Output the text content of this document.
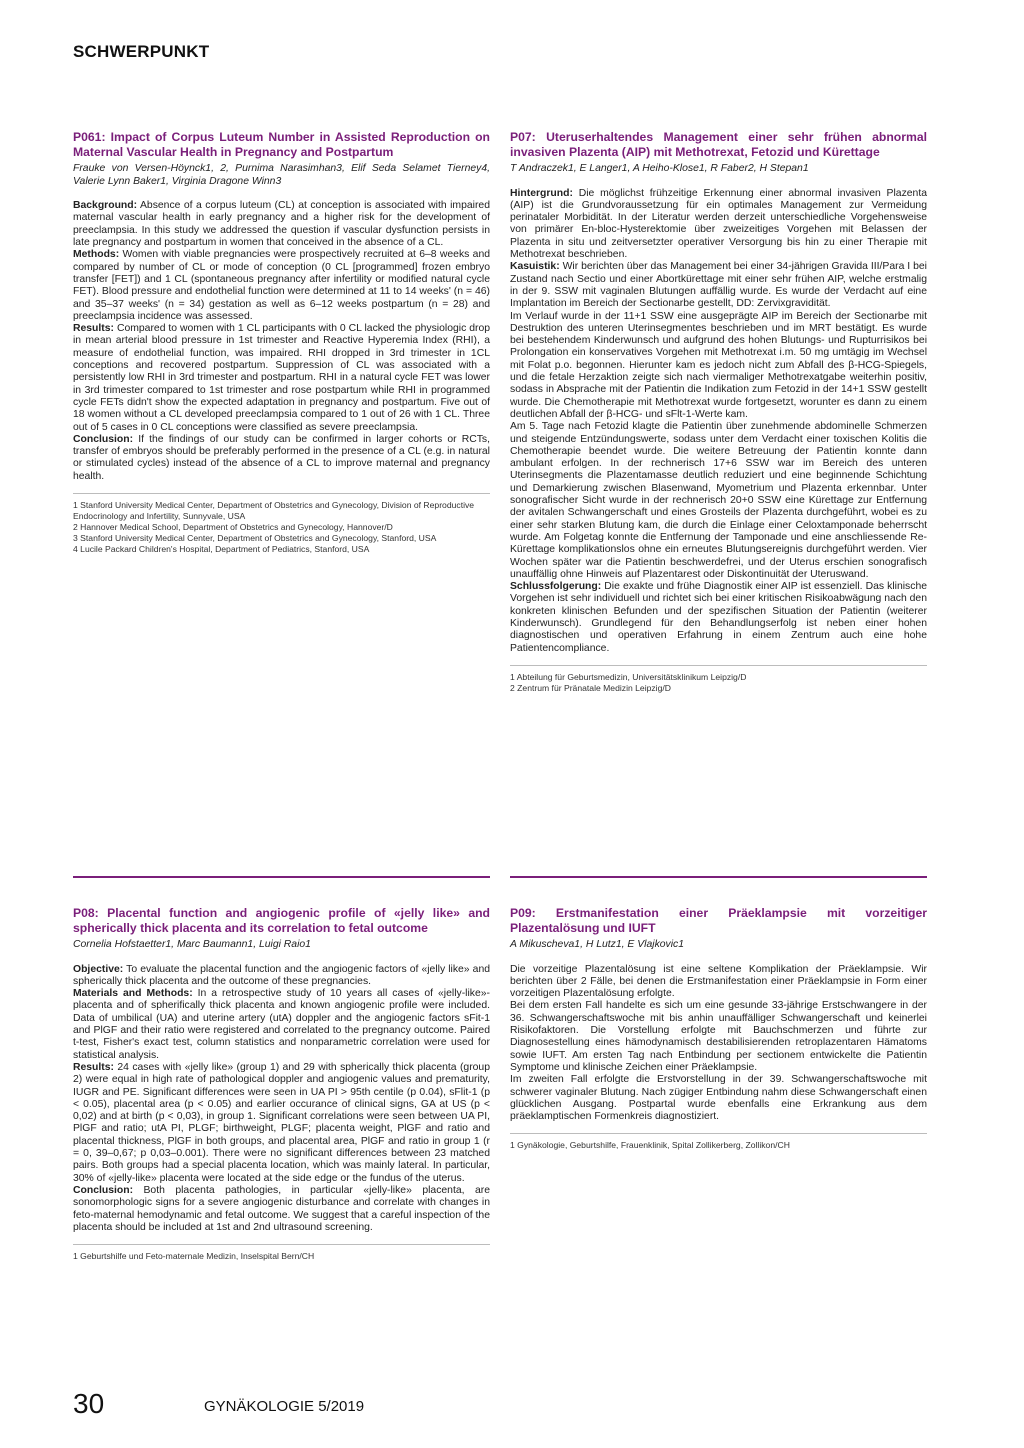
SCHWERPUNKT
P061: Impact of Corpus Luteum Number in Assisted Reproduction on Maternal Vascular Health in Pregnancy and Postpartum
Frauke von Versen-Höynck1, 2, Purnima Narasimhan3, Elif Seda Selamet Tierney4, Valerie Lynn Baker1, Virginia Dragone Winn3

Background: Absence of a corpus luteum (CL) at conception is associated with impaired maternal vascular health in early pregnancy and a higher risk for the development of preeclampsia. In this study we addressed the question if vascular dysfunction persists in late pregnancy and postpartum in women that conceived in the absence of a CL.

Methods: Women with viable pregnancies were prospectively recruited at 6–8 weeks and compared by number of CL or mode of conception (0 CL [programmed] frozen embryo transfer [FET]) and 1 CL (spontaneous pregnancy after infertility or modified natural cycle FET). Blood pressure and endothelial function were determined at 11 to 14 weeks' (n = 46) and 35–37 weeks' (n = 34) gestation as well as 6–12 weeks postpartum (n = 28) and preeclampsia incidence was assessed.

Results: Compared to women with 1 CL participants with 0 CL lacked the physiologic drop in mean arterial blood pressure in 1st trimester and Reactive Hyperemia Index (RHI), a measure of endothelial function, was impaired. RHI dropped in 3rd trimester in 1CL conceptions and recovered postpartum. Suppression of CL was associated with a persistently low RHI in 3rd trimester and postpartum. RHI in a natural cycle FET was lower in 3rd trimester compared to 1st trimester and rose postpartum while RHI in programmed cycle FETs didn't show the expected adaptation in pregnancy and postpartum. Five out of 18 women without a CL developed preeclampsia compared to 1 out of 26 with 1 CL. Three out of 5 cases in 0 CL conceptions were classified as severe preeclampsia.

Conclusion: If the findings of our study can be confirmed in larger cohorts or RCTs, transfer of embryos should be preferably performed in the presence of a CL (e.g. in natural or stimulated cycles) instead of the absence of a CL to improve maternal and pregnancy health.

1 Stanford University Medical Center, Department of Obstetrics and Gynecology, Division of Reproductive Endocrinology and Infertility, Sunnyvale, USA

2 Hannover Medical School, Department of Obstetrics and Gynecology, Hannover/D

3 Stanford University Medical Center, Department of Obstetrics and Gynecology, Stanford, USA

4 Lucile Packard Children's Hospital, Department of Pediatrics, Stanford, USA

P07: Uteruserhaltendes Management einer sehr frühen abnormal invasiven Plazenta (AIP) mit Methotrexat, Fetozid und Kürettage
T Andraczek1, E Langer1, A Heiho-Klose1, R Faber2, H Stepan1

Hintergrund: Die möglichst frühzeitige Erkennung einer abnormal invasiven Plazenta (AIP) ist die Grundvoraussetzung für ein optimales Management zur Vermeidung perinataler Morbidität. In der Literatur werden derzeit unterschiedliche Vorgehensweise von primärer En-bloc-Hysterektomie über zweizeitiges Vorgehen mit Belassen der Plazenta in situ und zeitversetzter operativer Versorgung bis hin zu einer Therapie mit Methotrexat beschrieben.

Kasuistik: Wir berichten über das Management bei einer 34-jährigen Gravida III/Para I bei Zustand nach Sectio und einer Abortkürettage mit einer sehr frühen AIP, welche erstmalig in der 9. SSW mit vaginalen Blutungen auffällig wurde. Es wurde der Verdacht auf eine Implantation im Bereich der Sectionarbe gestellt, DD: Zervixgravidität.

Im Verlauf wurde in der 11+1 SSW eine ausgeprägte AIP im Bereich der Sectionarbe mit Destruktion des unteren Uterinsegmentes beschrieben und im MRT bestätigt. Es wurde bei bestehendem Kinderwunsch und aufgrund des hohen Blutungs- und Rupturrisikos bei Prolongation ein konservatives Vorgehen mit Methotrexat i.m. 50 mg umtägig im Wechsel mit Folat p.o. begonnen. Hierunter kam es jedoch nicht zum Abfall des β-HCG-Spiegels, und die fetale Herzaktion zeigte sich nach viermaliger Methotrexatgabe weiterhin positiv, sodass in Absprache mit der Patientin die Indikation zum Fetozid in der 14+1 SSW gestellt wurde. Die Chemotherapie mit Methotrexat wurde fortgesetzt, worunter es dann zu einem deutlichen Abfall der β-HCG- und sFlt-1-Werte kam.

Am 5. Tage nach Fetozid klagte die Patientin über zunehmende abdominelle Schmerzen und steigende Entzündungswerte, sodass unter dem Verdacht einer toxischen Kolitis die Chemotherapie beendet wurde. Die weitere Betreuung der Patientin konnte dann ambulant erfolgen. In der rechnerisch 17+6 SSW war im Bereich des unteren Uterinsegments die Plazentamasse deutlich reduziert und eine beginnende Schichtung und Demarkierung zwischen Blasenwand, Myometrium und Plazenta erkennbar. Unter sonografischer Sicht wurde in der rechnerisch 20+0 SSW eine Kürettage zur Entfernung der avitalen Schwangerschaft und eines Grosteils der Plazenta durchgeführt, wobei es zu einer sehr starken Blutung kam, die durch die Einlage einer Celoxtamponade beherrscht wurde. Am Folgetag konnte die Entfernung der Tamponade und eine anschliessende Re-Kürettage komplikationslos ohne ein erneutes Blutungsereignis durchgeführt werden. Vier Wochen später war die Patientin beschwerdefrei, und der Uterus erschien sonografisch unauffällig ohne Hinweis auf Plazentarest oder Diskontinuität der Uteruswand.

Schlussfolgerung: Die exakte und frühe Diagnostik einer AIP ist essenziell. Das klinische Vorgehen ist sehr individuell und richtet sich bei einer kritischen Risikoabwägung nach den konkreten klinischen Befunden und der spezifischen Situation der Patientin (weiterer Kinderwunsch). Grundlegend für den Behandlungserfolg ist neben einer hohen diagnostischen und operativen Erfahrung in einem Zentrum auch eine hohe Patientencompliance.

1 Abteilung für Geburtsmedizin, Universitätsklinikum Leipzig/D

2 Zentrum für Pränatale Medizin Leipzig/D

P08: Placental function and angiogenic profile of «jelly like» and spherically thick placenta and its correlation to fetal outcome
Cornelia Hofstaetter1, Marc Baumann1, Luigi Raio1

Objective: To evaluate the placental function and the angiogenic factors of «jelly like» and spherically thick placenta and the outcome of these pregnancies.

Materials and Methods: In a retrospective study of 10 years all cases of «jelly-like»-placenta and of spherifically thick placenta and known angiogenic profile were included. Data of umbilical (UA) and uterine artery (utA) doppler and the angiogenic factors sFit-1 and PlGF and their ratio were registered and correlated to the pregnancy outcome. Paired t-test, Fisher's exact test, column statistics and nonparametric correlation were used for statistical analysis.

Results: 24 cases with «jelly like» (group 1) and 29 with spherically thick placenta (group 2) were equal in high rate of pathological doppler and angiogenic values and prematurity, IUGR and PE. Significant differences were seen in UA PI > 95th centile (p 0.04), sFlit-1 (p < 0.05), placental area (p < 0.05) and earlier occurance of clinical signs, GA at US (p < 0,02) and at birth (p < 0,03), in group 1. Significant correlations were seen between UA PI, PlGF and ratio; utA PI, PLGF; birthweight, PLGF; placenta weight, PlGF and ratio and placental thickness, PlGF in both groups, and placental area, PlGF and ratio in group 1 (r = 0, 39–0,67; p 0,03–0.001). There were no significant differences between 23 matched pairs. Both groups had a special placenta location, which was mainly lateral. In particular, 30% of «jelly-like» placenta were located at the side edge or the fundus of the uterus.

Conclusion: Both placenta pathologies, in particular «jelly-like» placenta, are sonomorphologic signs for a severe angiogenic disturbance and correlate with changes in feto-maternal hemodynamic and fetal outcome. We suggest that a careful inspection of the placenta should be included at 1st and 2nd ultrasound screening.

1 Geburtshilfe und Feto-maternale Medizin, Inselspital Bern/CH

P09: Erstmanifestation einer Präeklampsie mit vorzeitiger Plazentalösung und IUFT
A Mikuscheva1, H Lutz1, E Vlajkovic1

Die vorzeitige Plazentalösung ist eine seltene Komplikation der Präeklampsie. Wir berichten über 2 Fälle, bei denen die Erstmanifestation einer Präeklampsie in Form einer vorzeitigen Plazentalösung erfolgte.

Bei dem ersten Fall handelte es sich um eine gesunde 33-jährige Erstschwangere in der 36. Schwangerschaftswoche mit bis anhin unauffälliger Schwangerschaft und keinerlei Risikofaktoren. Die Vorstellung erfolgte mit Bauchschmerzen und führte zur Diagnosestellung eines hämodynamisch destabilisierenden retroplazentaren Hämatoms sowie IUFT. Am ersten Tag nach Entbindung per sectionem entwickelte die Patientin Symptome und klinische Zeichen einer Präeklampsie.

Im zweiten Fall erfolgte die Erstvorstellung in der 39. Schwangerschaftswoche mit schwerer vaginaler Blutung. Nach zügiger Entbindung nahm diese Schwangerschaft einen glücklichen Ausgang. Postpartal wurde ebenfalls eine Erkrankung aus dem präeklamptischen Formenkreis diagnostiziert.

1 Gynäkologie, Geburtshilfe, Frauenklinik, Spital Zollikerberg, Zollikon/CH

30	GYNÄKOLOGIE 5/2019
